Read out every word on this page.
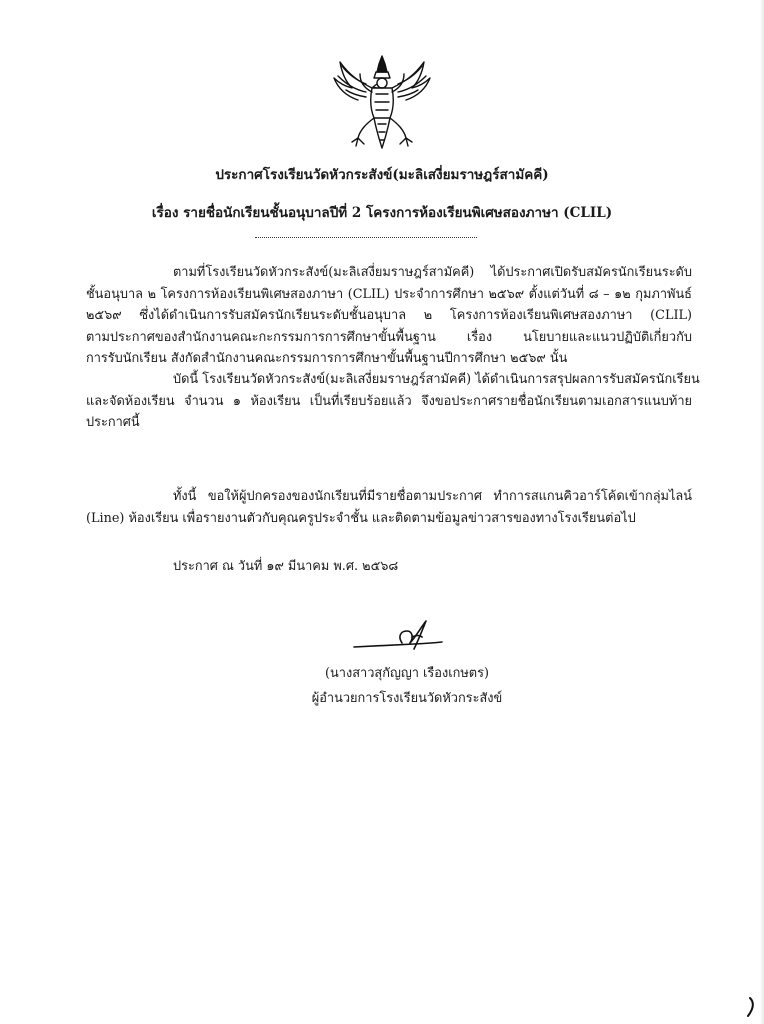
ประกาศโรงเรียนวัดหัวกระสังข์(มะลิเสงี่ยมราษฎร์สามัคคี)
เรื่อง รายชื่อนักเรียนชั้นอนุบาลปีที่ 2 โครงการห้องเรียนพิเศษสองภาษา (CLIL)
ตามที่โรงเรียนวัดหัวกระสังข์(มะลิเสงี่ยมราษฎร์สามัคคี) ได้ประกาศเปิดรับสมัครนักเรียนระดับ
ชั้นอนุบาล ๒ โครงการห้องเรียนพิเศษสองภาษา (CLIL) ประจำการศึกษา ๒๕๖๙ ตั้งแต่วันที่ ๘ – ๑๒ กุมภาพันธ์
๒๕๖๙ ซึ่งได้ดำเนินการรับสมัครนักเรียนระดับชั้นอนุบาล ๒ โครงการห้องเรียนพิเศษสองภาษา (CLIL)
ตามประกาศของสำนักงานคณะกะกรรมการการศึกษาขั้นพื้นฐาน เรื่อง นโยบายและแนวปฏิบัติเกี่ยวกับ
การรับนักเรียน สังกัดสำนักงานคณะกรรมการการศึกษาขั้นพื้นฐานปีการศึกษา ๒๕๖๙ นั้น
บัดนี้ โรงเรียนวัดหัวกระสังข์(มะลิเสงี่ยมราษฎร์สามัคคี) ได้ดำเนินการสรุปผลการรับสมัครนักเรียน
และจัดห้องเรียน จำนวน ๑ ห้องเรียน เป็นที่เรียบร้อยแล้ว จึงขอประกาศรายชื่อนักเรียนตามเอกสารแนบท้าย
ประกาศนี้
ทั้งนี้ ขอให้ผู้ปกครองของนักเรียนที่มีรายชื่อตามประกาศ ทำการสแกนคิวอาร์โค้ดเข้ากลุ่มไลน์
(Line) ห้องเรียน เพื่อรายงานตัวกับคุณครูประจำชั้น และติดตามข้อมูลข่าวสารของทางโรงเรียนต่อไป
ประกาศ ณ วันที่ ๑๙ มีนาคม พ.ศ. ๒๕๖๘
(นางสาวสุกัญญา เรืองเกษตร)
ผู้อำนวยการโรงเรียนวัดหัวกระสังข์
